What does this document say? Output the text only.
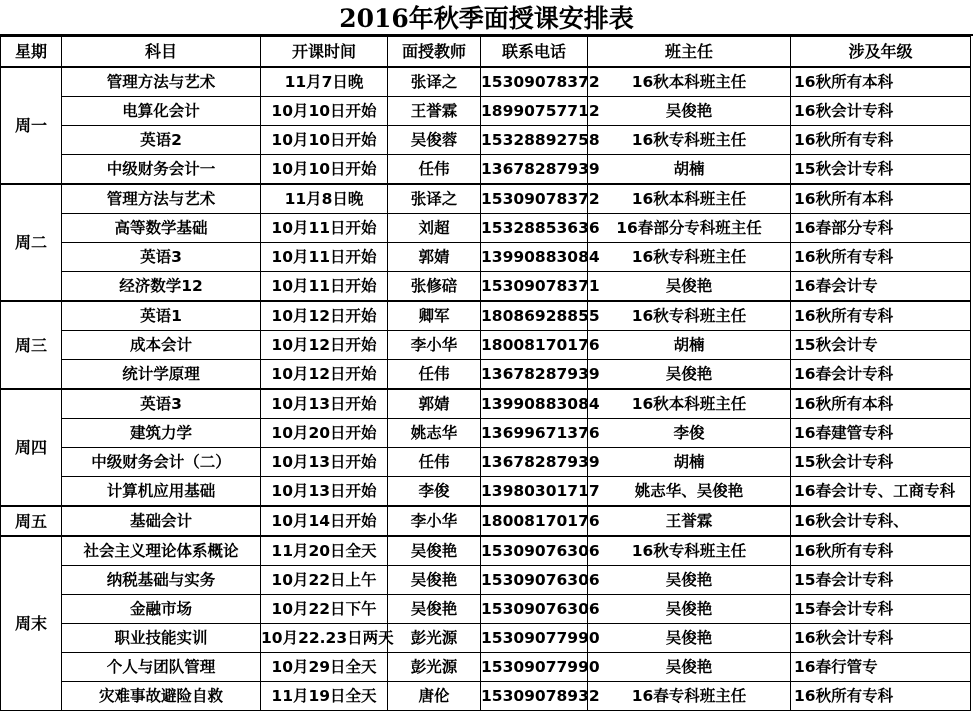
2016年秋季面授课安排表
星期	科目	开课时间	面授教师	联系电话	班主任	涉及年级
周一	管理方法与艺术	11月7日晚	张译之	15309078372	16秋本科班主任	16秋所有本科
	电算化会计	10月10日开始	王誉霖	18990757712	吴俊艳	16秋会计专科
	英语2	10月10日开始	吴俊蓉	15328892758	16秋专科班主任	16秋所有专科
	中级财务会计一	10月10日开始	任伟	13678287939	胡楠	15秋会计专科
周二	管理方法与艺术	11月8日晚	张译之	15309078372	16秋本科班主任	16秋所有本科
	高等数学基础	10月11日开始	刘超	15328853636	16春部分专科班主任	16春部分专科
	英语3	10月11日开始	郭婧	13990883084	16秋专科班主任	16秋所有专科
	经济数学12	10月11日开始	张修碚	15309078371	吴俊艳	16春会计专
周三	英语1	10月12日开始	卿军	18086928855	16秋专科班主任	16秋所有专科
	成本会计	10月12日开始	李小华	18008170176	胡楠	15秋会计专
	统计学原理	10月12日开始	任伟	13678287939	吴俊艳	16春会计专科
周四	英语3	10月13日开始	郭婧	13990883084	16秋本科班主任	16秋所有本科
	建筑力学	10月20日开始	姚志华	13699671376	李俊	16春建管专科
	中级财务会计（二）	10月13日开始	任伟	13678287939	胡楠	15秋会计专科
	计算机应用基础	10月13日开始	李俊	13980301717	姚志华、吴俊艳	16春会计专、工商专科
周五	基础会计	10月14日开始	李小华	18008170176	王誉霖	16秋会计专科、
周末	社会主义理论体系概论	11月20日全天	吴俊艳	15309076306	16秋专科班主任	16秋所有专科
	纳税基础与实务	10月22日上午	吴俊艳	15309076306	吴俊艳	15春会计专科
	金融市场	10月22日下午	吴俊艳	15309076306	吴俊艳	15春会计专科
	职业技能实训	10月22.23日两天	彭光源	15309077990	吴俊艳	16秋会计专科
	个人与团队管理	10月29日全天	彭光源	15309077990	吴俊艳	16春行管专
	灾难事故避险自救	11月19日全天	唐伦	15309078932	16春专科班主任	16秋所有专科
